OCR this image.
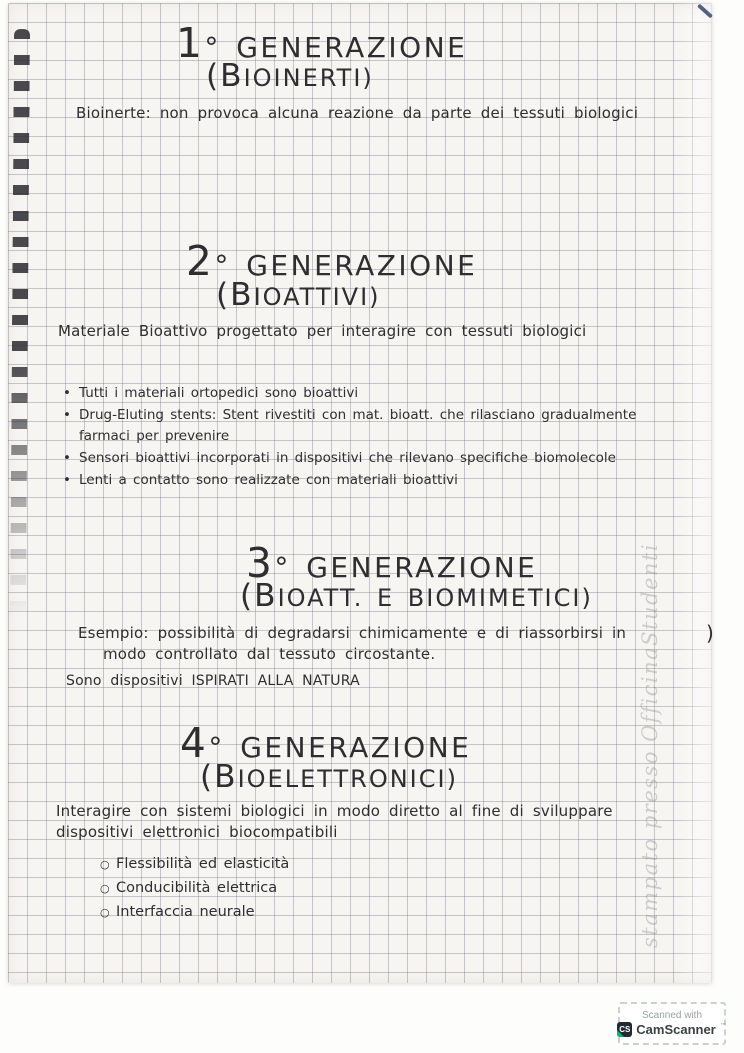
)
1° GENERAZIONE
(BIOINERTI)

Bioinerte: non provoca alcuna reazione da parte dei tessuti biologici

2° GENERAZIONE
(BIOATTIVI)

Materiale Bioattivo progettato per interagire con tessuti biologici

• Tutti i materiali ortopedici sono bioattivi
• Drug-Eluting stents: Stent rivestiti con mat. bioatt. che rilasciano gradualmente farmaci per prevenire
• Sensori bioattivi incorporati in dispositivi che rilevano specifiche biomolecole
• Lenti a contatto sono realizzate con materiali bioattivi
3° GENERAZIONE
(BIOATT. E BIOMIMETICI)

Esempio: possibilità di degradarsi chimicamente e di riassorbirsi in modo controllato dal tessuto circostante.

Sono dispositivi ISPIRATI ALLA NATURA

4° GENERAZIONE
(BIOELETTRONICI)

Interagire con sistemi biologici in modo diretto al fine di sviluppare dispositivi elettronici biocompatibili

○ Flessibilità ed elasticità
○ Conducibilità elettrica
○ Interfaccia neurale	stampato presso OfficinaStudenti
Scanned with
CS CamScanner ™
